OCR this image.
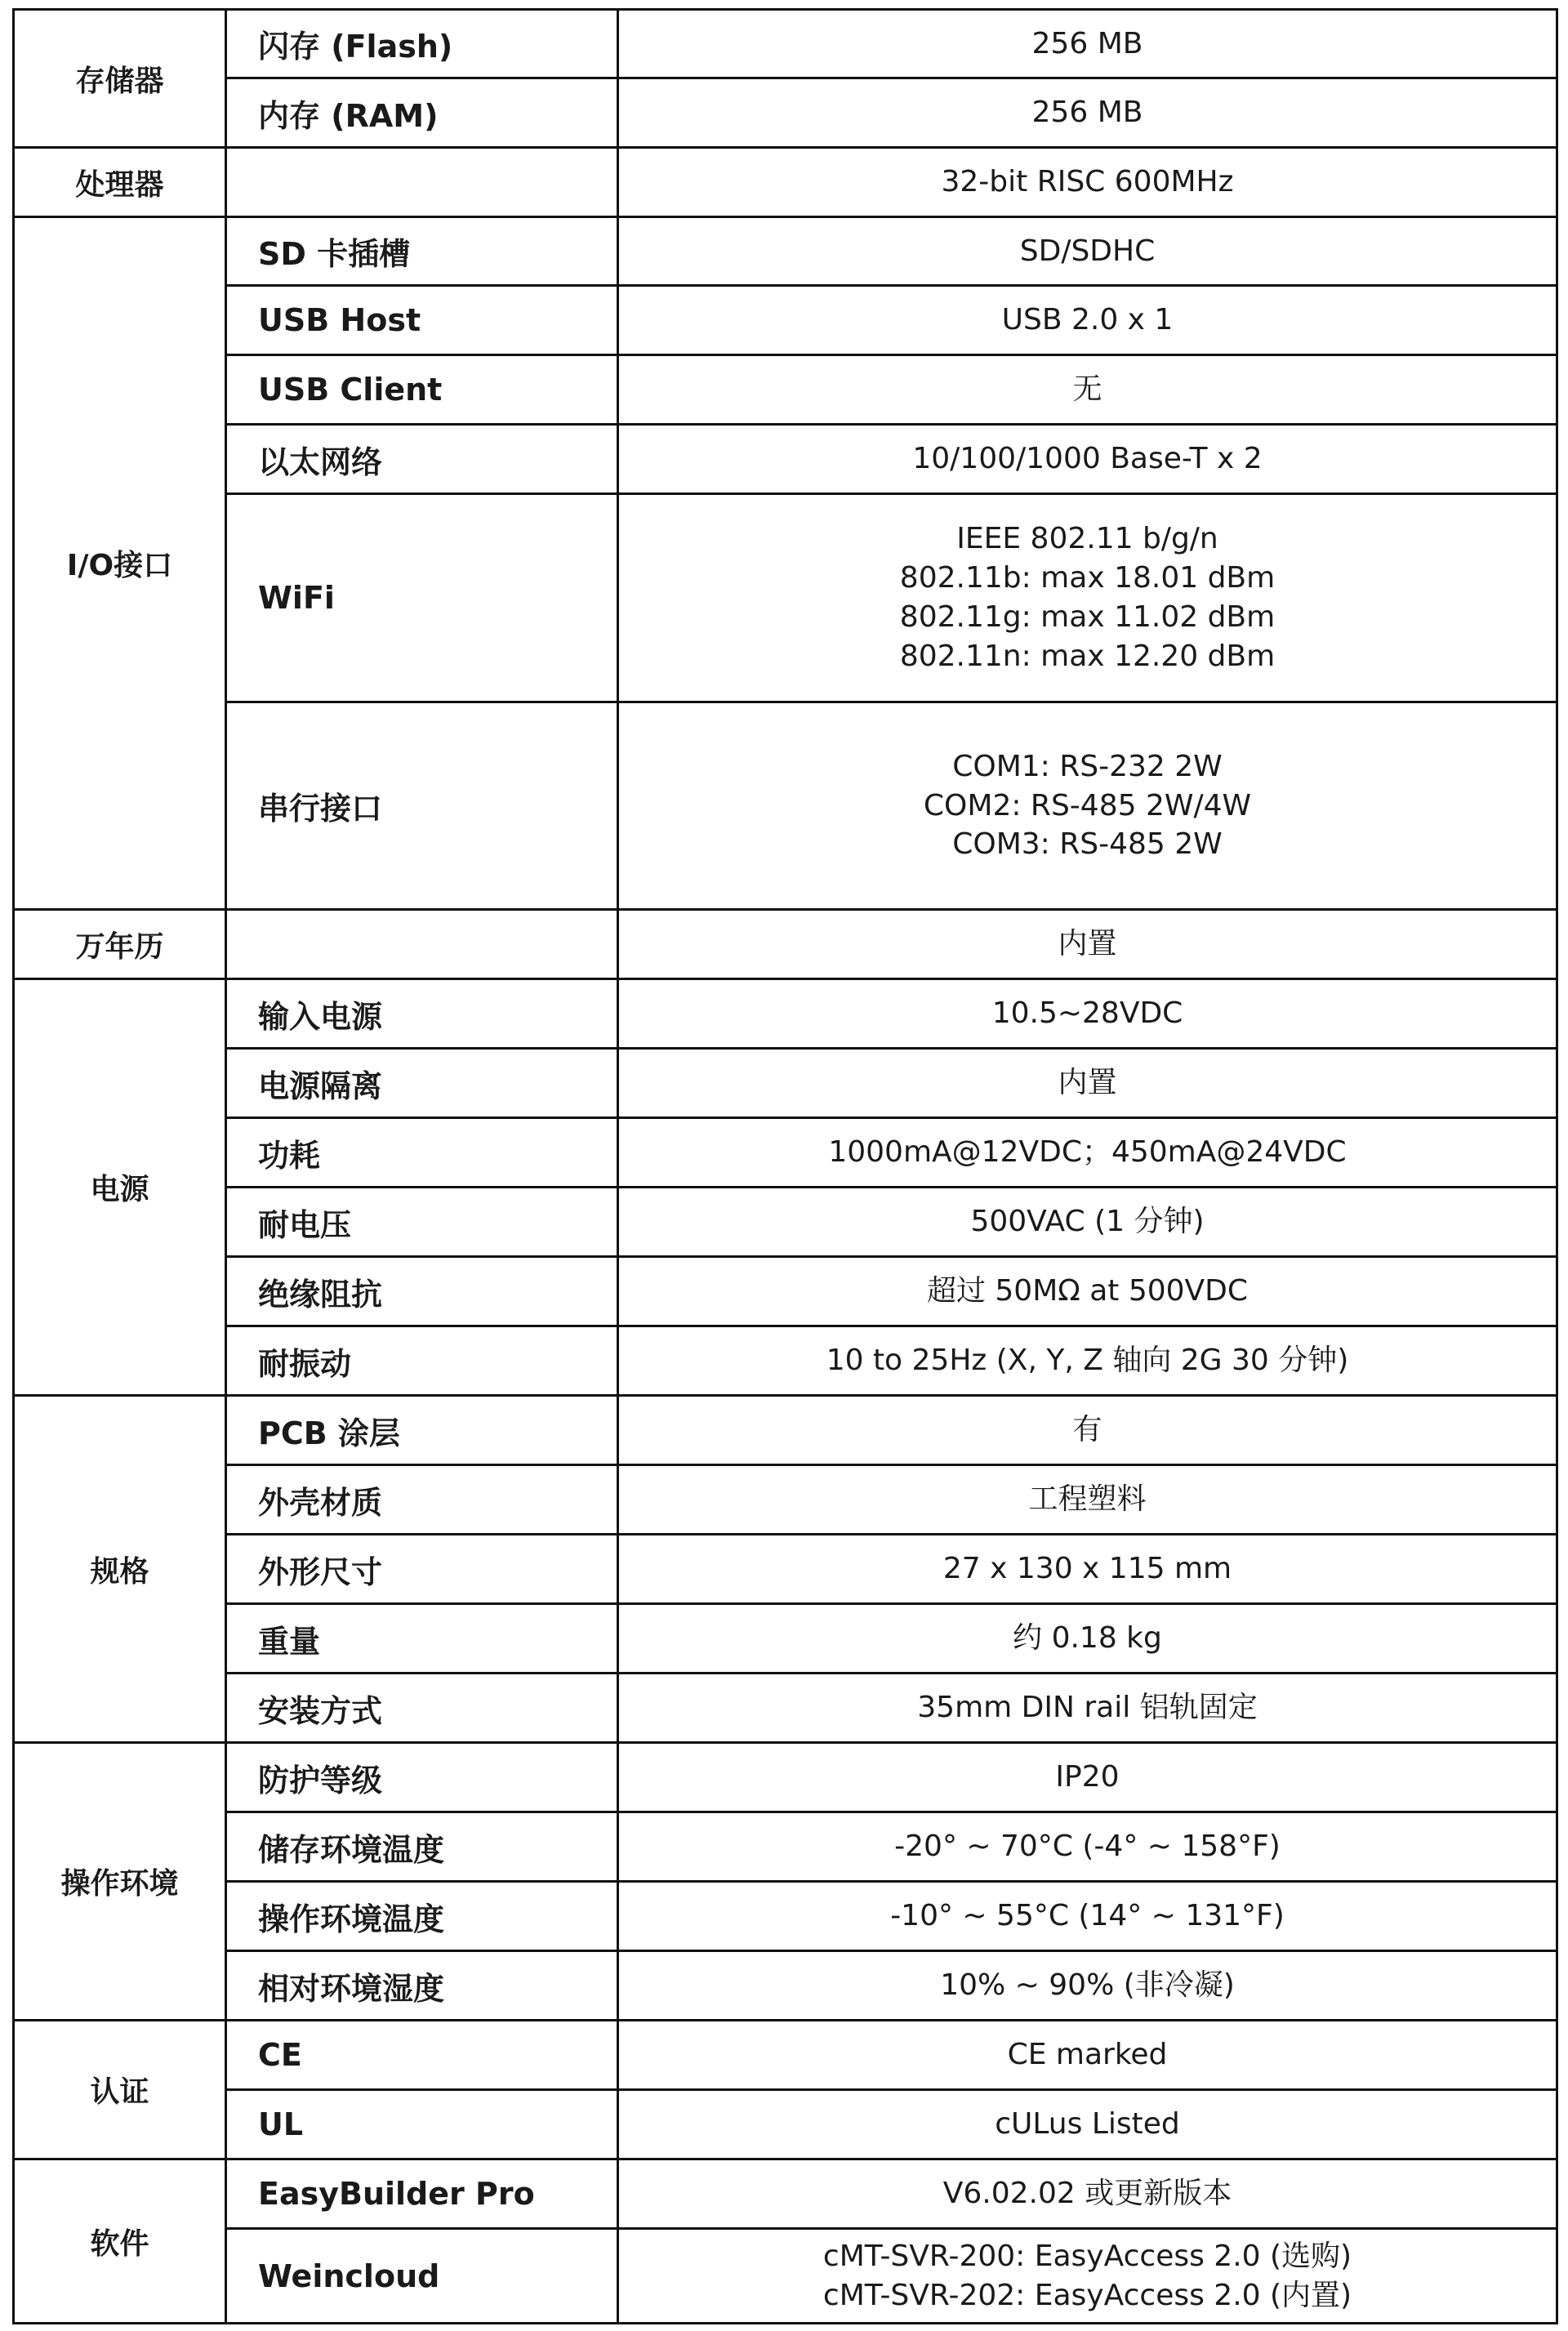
存储器	闪存 (Flash)	256 MB

	内存 (RAM)	256 MB

处理器		32-bit RISC 600MHz

I/O接口	SD 卡插槽	SD/SDHC

	USB Host	USB 2.0 x 1

	USB Client	无

	以太网络	10/100/1000 Base-T x 2

	WiFi	IEEE 802.11 b/g/n
802.11b: max 18.01 dBm
802.11g: max 11.02 dBm
802.11n: max 12.20 dBm

	串行接口	COM1: RS-232 2W
COM2: RS-485 2W/4W
COM3: RS-485 2W

万年历		内置

电源	输入电源	10.5~28VDC

	电源隔离	内置

	功耗	1000mA@12VDC；450mA@24VDC

	耐电压	500VAC (1 分钟)

	绝缘阻抗	超过 50MΩ at 500VDC

	耐振动	10 to 25Hz (X, Y, Z 轴向 2G 30 分钟)

规格	PCB 涂层	有

	外壳材质	工程塑料

	外形尺寸	27 x 130 x 115 mm

	重量	约 0.18 kg

	安装方式	35mm DIN rail 铝轨固定

操作环境	防护等级	IP20

	储存环境温度	-20° ~ 70°C (-4° ~ 158°F)

	操作环境温度	-10° ~ 55°C (14° ~ 131°F)

	相对环境湿度	10% ~ 90% (非冷凝)

认证	CE	CE marked

	UL	cULus Listed

软件	EasyBuilder Pro	V6.02.02 或更新版本

	Weincloud	cMT-SVR-200: EasyAccess 2.0 (选购)
cMT-SVR-202: EasyAccess 2.0 (内置)
